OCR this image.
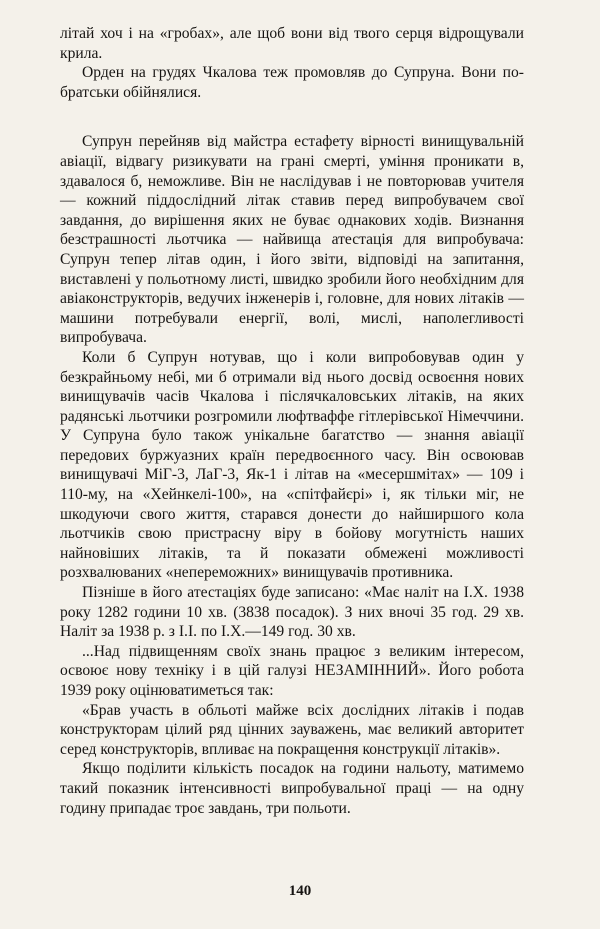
літай хоч і на «гробах», але щоб вони від твого серця відрощували крила.

Орден на грудях Чкалова теж промовляв до Супруна. Вони по-братськи обійнялися.

Супрун перейняв від майстра естафету вірності винищувальній авіації, відвагу ризикувати на грані смерті, уміння проникати в, здавалося б, неможливе. Він не наслідував і не повторював учителя — кожний піддослідний літак ставив перед випробувачем свої завдання, до вирішення яких не буває однакових ходів. Визнання безстрашності льотчика — найвища атестація для випробувача: Супрун тепер літав один, і його звіти, відповіді на запитання, виставлені у польотному листі, швидко зробили його необхідним для авіаконструкторів, ведучих інженерів і, головне, для нових літаків — машини потребували енергії, волі, мислі, наполегливості випробувача.

Коли б Супрун нотував, що і коли випробовував один у безкрайньому небі, ми б отримали від нього досвід освоєння нових винищувачів часів Чкалова і післячкаловських літаків, на яких радянські льотчики розгромили люфтваффе гітлерівської Німеччини. У Супруна було також унікальне багатство — знання авіації передових буржуазних країн передвоєнного часу. Він освоював винищувачі МіГ-3, ЛаГ-3, Як-1 і літав на «месершмітах» — 109 і 110-му, на «Хейнкелі-100», на «спітфайєрі» і, як тільки міг, не шкодуючи свого життя, старався донести до найширшого кола льотчиків свою пристрасну віру в бойову могутність наших найновіших літаків, та й показати обмежені можливості розхвалюваних «непереможних» винищувачів противника.

Пізніше в його атестаціях буде записано: «Має наліт на І.Х. 1938 року 1282 години 10 хв. (3838 посадок). З них вночі 35 год. 29 хв. Наліт за 1938 р. з І.І. по І.Х.—149 год. 30 хв.

...Над підвищенням своїх знань працює з великим інтересом, освоює нову техніку і в цій галузі НЕЗАМІННИЙ». Його робота 1939 року оцінюватиметься так:

«Брав участь в обльоті майже всіх дослідних літаків і подав конструкторам цілий ряд цінних зауважень, має великий авторитет серед конструкторів, впливає на покращення конструкції літаків».

Якщо поділити кількість посадок на години нальоту, матимемо такий показник інтенсивності випробувальної праці — на одну годину припадає троє завдань, три польоти.

140
